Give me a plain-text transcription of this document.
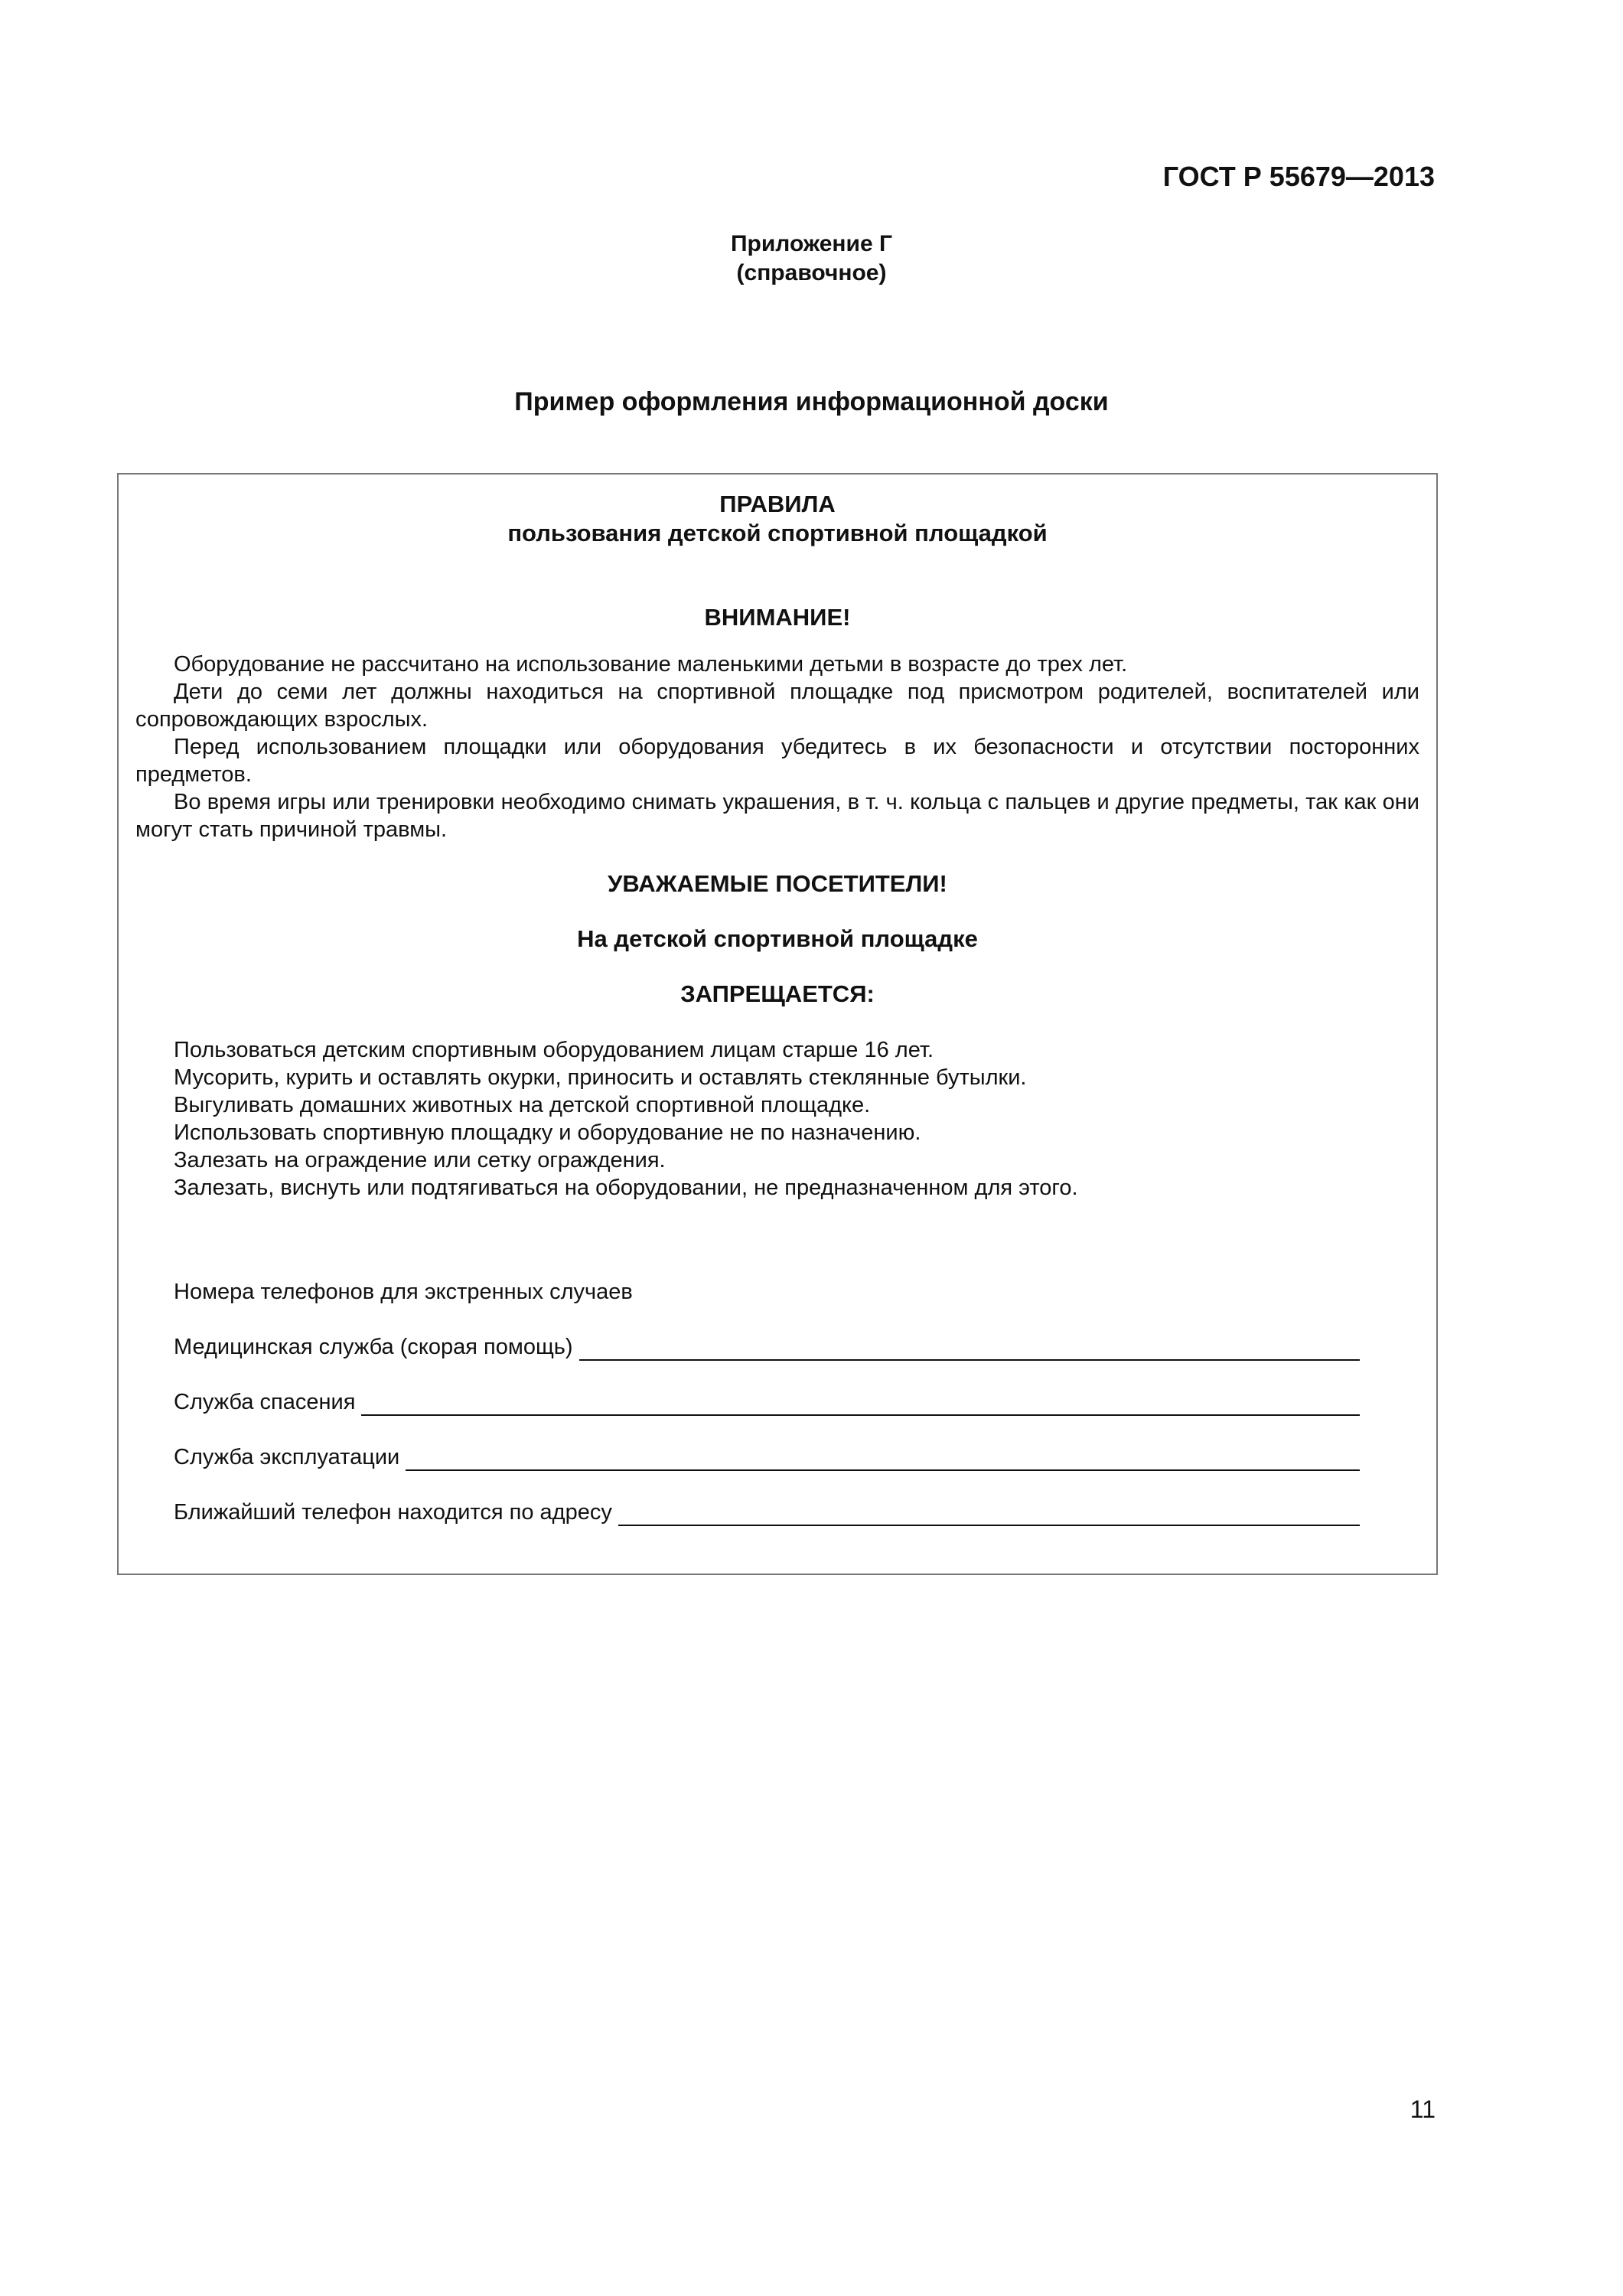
ГОСТ Р 55679—2013

Приложение Г
(справочное)
Пример оформления информационной доски
ПРАВИЛА
пользования детской спортивной площадкой
ВНИМАНИЕ!

Оборудование не рассчитано на использование маленькими детьми в возрасте до трех лет.

Дети до семи лет должны находиться на спортивной площадке под присмотром родителей, воспитателей или сопровождающих взрослых.

Перед использованием площадки или оборудования убедитесь в их безопасности и отсутствии посторонних предметов.

Во время игры или тренировки необходимо снимать украшения, в т. ч. кольца с пальцев и другие предметы, так как они могут стать причиной травмы.

УВАЖАЕМЫЕ ПОСЕТИТЕЛИ!
На детской спортивной площадке
ЗАПРЕЩАЕТСЯ:

Пользоваться детским спортивным оборудованием лицам старше 16 лет.

Мусорить, курить и оставлять окурки, приносить и оставлять стеклянные бутылки.

Выгуливать домашних животных на детской спортивной площадке.

Использовать спортивную площадку и оборудование не по назначению.

Залезать на ограждение или сетку ограждения.

Залезать, виснуть или подтягиваться на оборудовании, не предназначенном для этого.

Номера телефонов для экстренных случаев

Медицинская служба (скорая помощь)
Служба спасения
Служба эксплуатации
Ближайший телефон находится по адресу

11
